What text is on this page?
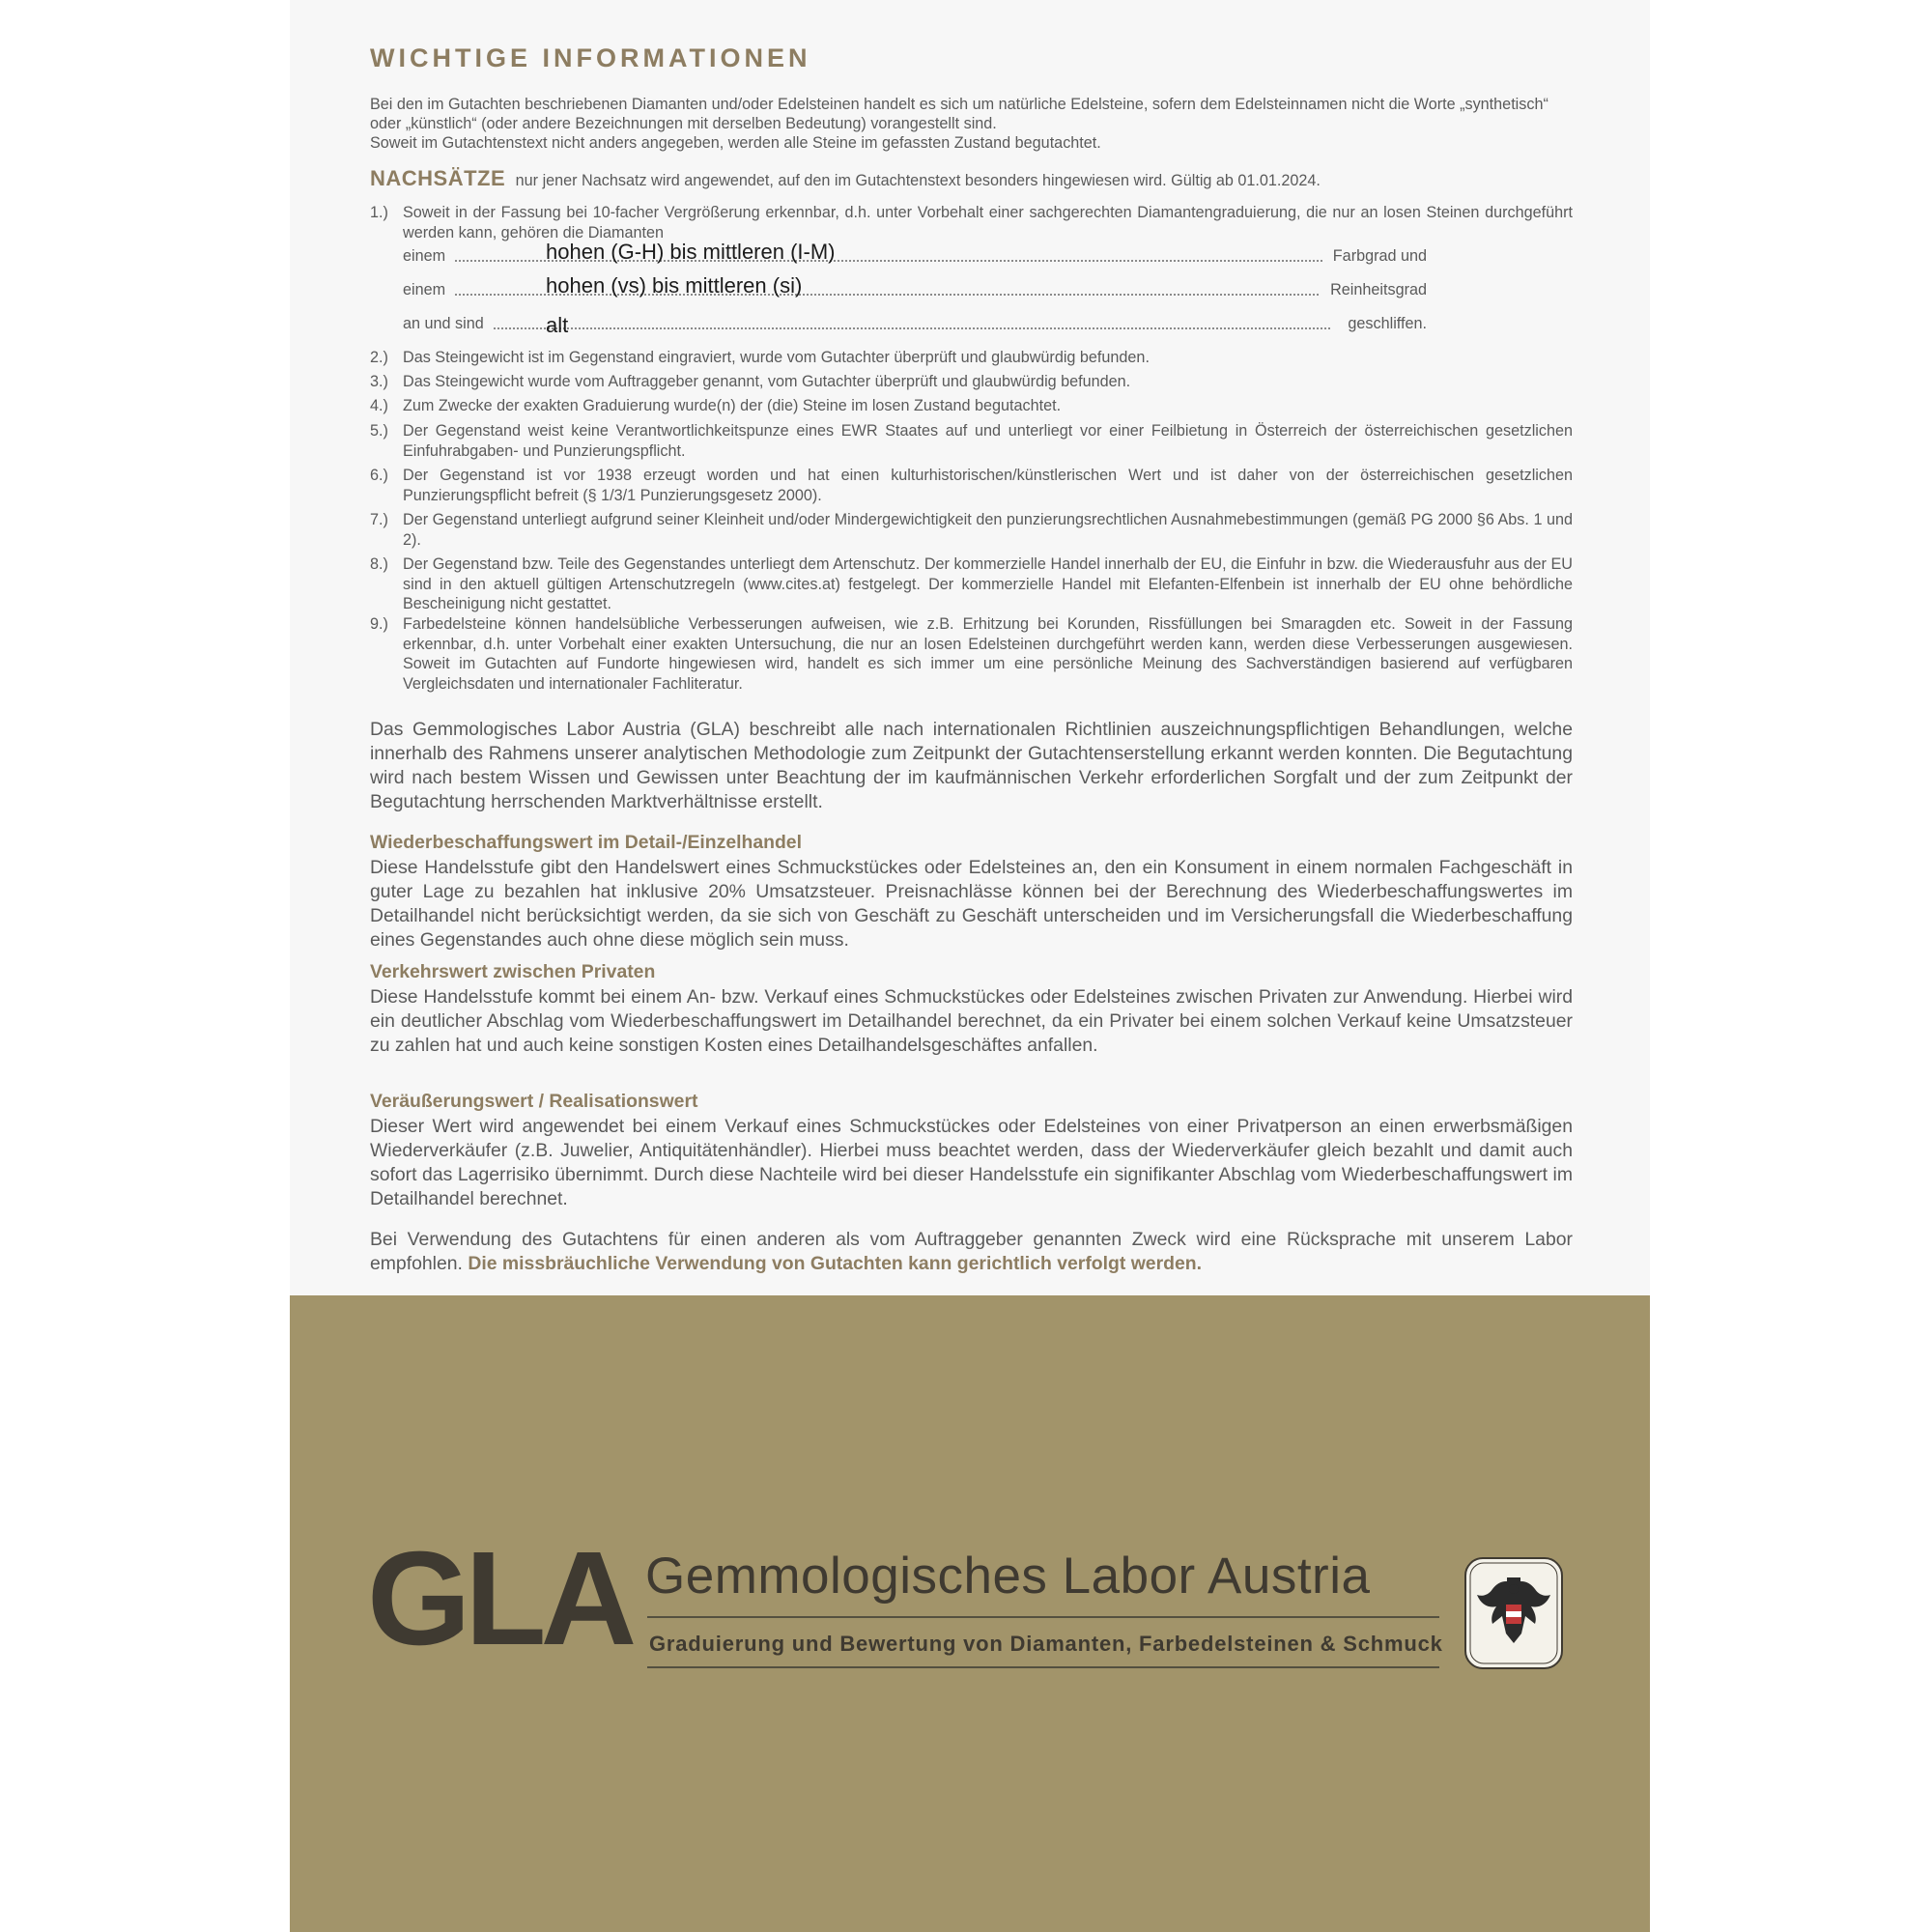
WICHTIGE INFORMATIONEN
Bei den im Gutachten beschriebenen Diamanten und/oder Edelsteinen handelt es sich um natürliche Edelsteine, sofern dem Edelsteinnamen nicht die Worte „synthetisch“ oder „künstlich“ (oder andere Bezeichnungen mit derselben Bedeutung) vorangestellt sind.
Soweit im Gutachtenstext nicht anders angegeben, werden alle Steine im gefassten Zustand begutachtet.
NACHSÄTZE nur jener Nachsatz wird angewendet, auf den im Gutachtenstext besonders hingewiesen wird. Gültig ab 01.01.2024.
1.) Soweit in der Fassung bei 10-facher Vergrößerung erkennbar, d.h. unter Vorbehalt einer sachgerechten Diamantengraduierung, die nur an losen Steinen durchgeführt werden kann, gehören die Diamanten
einem	hohen (G-H) bis mittleren (I-M)	Farbgrad und
einem	hohen (vs) bis mittleren (si)	Reinheitsgrad
an und sind	alt	geschliffen.
2.) Das Steingewicht ist im Gegenstand eingraviert, wurde vom Gutachter überprüft und glaubwürdig befunden.
3.) Das Steingewicht wurde vom Auftraggeber genannt, vom Gutachter überprüft und glaubwürdig befunden.
4.) Zum Zwecke der exakten Graduierung wurde(n) der (die) Steine im losen Zustand begutachtet.
5.) Der Gegenstand weist keine Verantwortlichkeitspunze eines EWR Staates auf und unterliegt vor einer Feilbietung in Österreich der österreichischen gesetzlichen Einfuhrabgaben- und Punzierungspflicht.
6.) Der Gegenstand ist vor 1938 erzeugt worden und hat einen kulturhistorischen/künstlerischen Wert und ist daher von der österreichischen gesetzlichen Punzierungspflicht befreit (§ 1/3/1 Punzierungsgesetz 2000).
7.) Der Gegenstand unterliegt aufgrund seiner Kleinheit und/oder Mindergewichtigkeit den punzierungsrechtlichen Ausnahmebestimmungen (gemäß PG 2000 §6 Abs. 1 und 2).
8.) Der Gegenstand bzw. Teile des Gegenstandes unterliegt dem Artenschutz. Der kommerzielle Handel innerhalb der EU, die Einfuhr in bzw. die Wiederausfuhr aus der EU sind in den aktuell gültigen Artenschutzregeln (www.cites.at) festgelegt. Der kommerzielle Handel mit Elefanten-Elfenbein ist innerhalb der EU ohne behördliche Bescheinigung nicht gestattet.
9.) Farbedelsteine können handelsübliche Verbesserungen aufweisen, wie z.B. Erhitzung bei Korunden, Rissfüllungen bei Smaragden etc. Soweit in der Fassung erkennbar, d.h. unter Vorbehalt einer exakten Untersuchung, die nur an losen Edelsteinen durchgeführt werden kann, werden diese Verbesserungen ausgewiesen. Soweit im Gutachten auf Fundorte hingewiesen wird, handelt es sich immer um eine persönliche Meinung des Sachverständigen basierend auf verfügbaren Vergleichsdaten und internationaler Fachliteratur.
Das Gemmologisches Labor Austria (GLA) beschreibt alle nach internationalen Richtlinien auszeichnungspflichtigen Behandlungen, welche innerhalb des Rahmens unserer analytischen Methodologie zum Zeitpunkt der Gutachtenserstellung erkannt werden konnten. Die Begutachtung wird nach bestem Wissen und Gewissen unter Beachtung der im kaufmännischen Verkehr erforderlichen Sorgfalt und der zum Zeitpunkt der Begutachtung herrschenden Marktverhältnisse erstellt.
Wiederbeschaffungswert im Detail-/Einzelhandel
Diese Handelsstufe gibt den Handelswert eines Schmuckstückes oder Edelsteines an, den ein Konsument in einem normalen Fachgeschäft in guter Lage zu bezahlen hat inklusive 20% Umsatzsteuer. Preisnachlässe können bei der Berechnung des Wiederbeschaffungswertes im Detailhandel nicht berücksichtigt werden, da sie sich von Geschäft zu Geschäft unterscheiden und im Versicherungsfall die Wiederbeschaffung eines Gegenstandes auch ohne diese möglich sein muss.
Verkehrswert zwischen Privaten
Diese Handelsstufe kommt bei einem An- bzw. Verkauf eines Schmuckstückes oder Edelsteines zwischen Privaten zur Anwendung. Hierbei wird ein deutlicher Abschlag vom Wiederbeschaffungswert im Detailhandel berechnet, da ein Privater bei einem solchen Verkauf keine Umsatzsteuer zu zahlen hat und auch keine sonstigen Kosten eines Detailhandelsgeschäftes anfallen.
Veräußerungswert / Realisationswert
Dieser Wert wird angewendet bei einem Verkauf eines Schmuckstückes oder Edelsteines von einer Privatperson an einen erwerbsmäßigen Wiederverkäufer (z.B. Juwelier, Antiquitätenhändler). Hierbei muss beachtet werden, dass der Wiederverkäufer gleich bezahlt und damit auch sofort das Lagerrisiko übernimmt. Durch diese Nachteile wird bei dieser Handelsstufe ein signifikanter Abschlag vom Wiederbeschaffungswert im Detailhandel berechnet.
Bei Verwendung des Gutachtens für einen anderen als vom Auftraggeber genannten Zweck wird eine Rücksprache mit unserem Labor empfohlen. Die missbräuchliche Verwendung von Gutachten kann gerichtlich verfolgt werden.
GLA Gemmologisches Labor Austria
Graduierung und Bewertung von Diamanten, Farbedelsteinen & Schmuck
